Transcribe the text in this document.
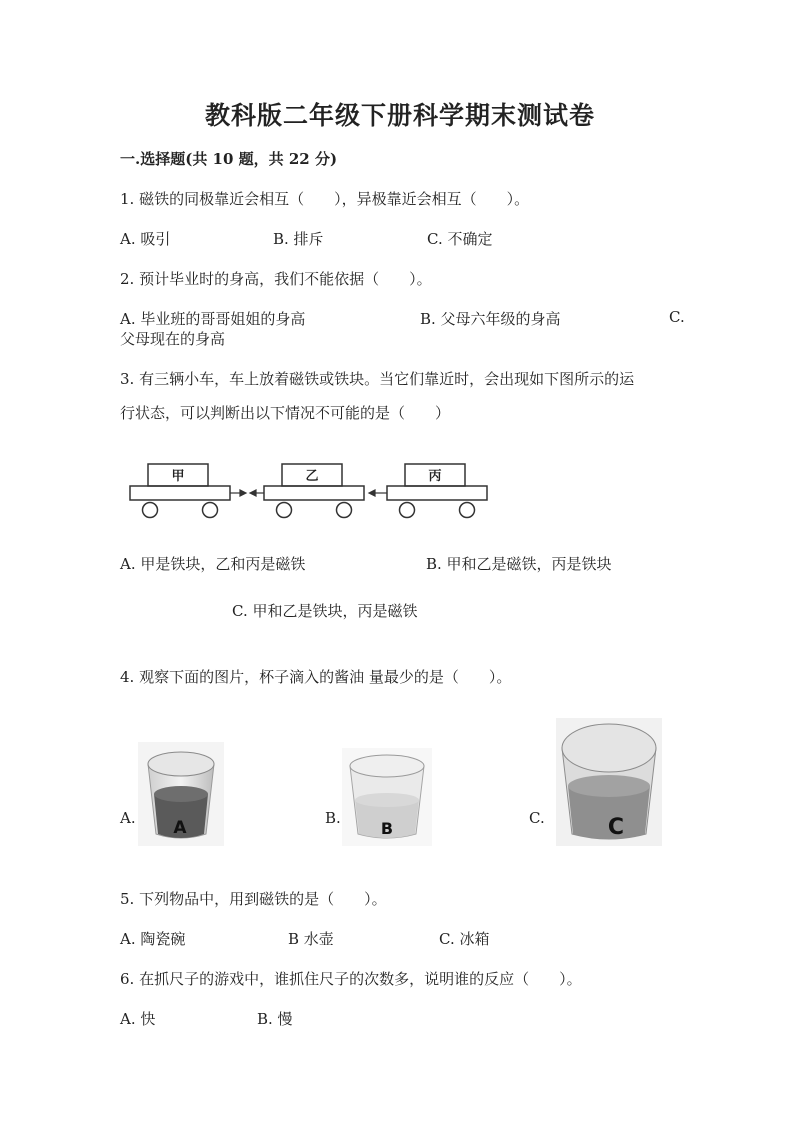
教科版二年级下册科学期末测试卷
一.选择题(共 10 题，共 22 分)
1. 磁铁的同极靠近会相互（　　），异极靠近会相互（　　）。
A. 吸引	B. 排斥	C. 不确定
2. 预计毕业时的身高，我们不能依据（　　）。
A. 毕业班的哥哥姐姐的身高	B. 父母六年级的身高	C.
父母现在的身高
3. 有三辆小车，车上放着磁铁或铁块。当它们靠近时，会出现如下图所示的运
行状态，可以判断出以下情况不可能的是（　　）
甲	乙	丙
A. 甲是铁块，乙和丙是磁铁	B. 甲和乙是磁铁，丙是铁块
C. 甲和乙是铁块，丙是磁铁
4. 观察下面的图片，杯子滴入的酱油 量最少的是（　　）。
A. A	B.
B
C.	C
5. 下列物品中，用到磁铁的是（　　）。
A. 陶瓷碗	B 水壶	C. 冰箱
6. 在抓尺子的游戏中，谁抓住尺子的次数多，说明谁的反应（　　）。
A. 快	B. 慢
